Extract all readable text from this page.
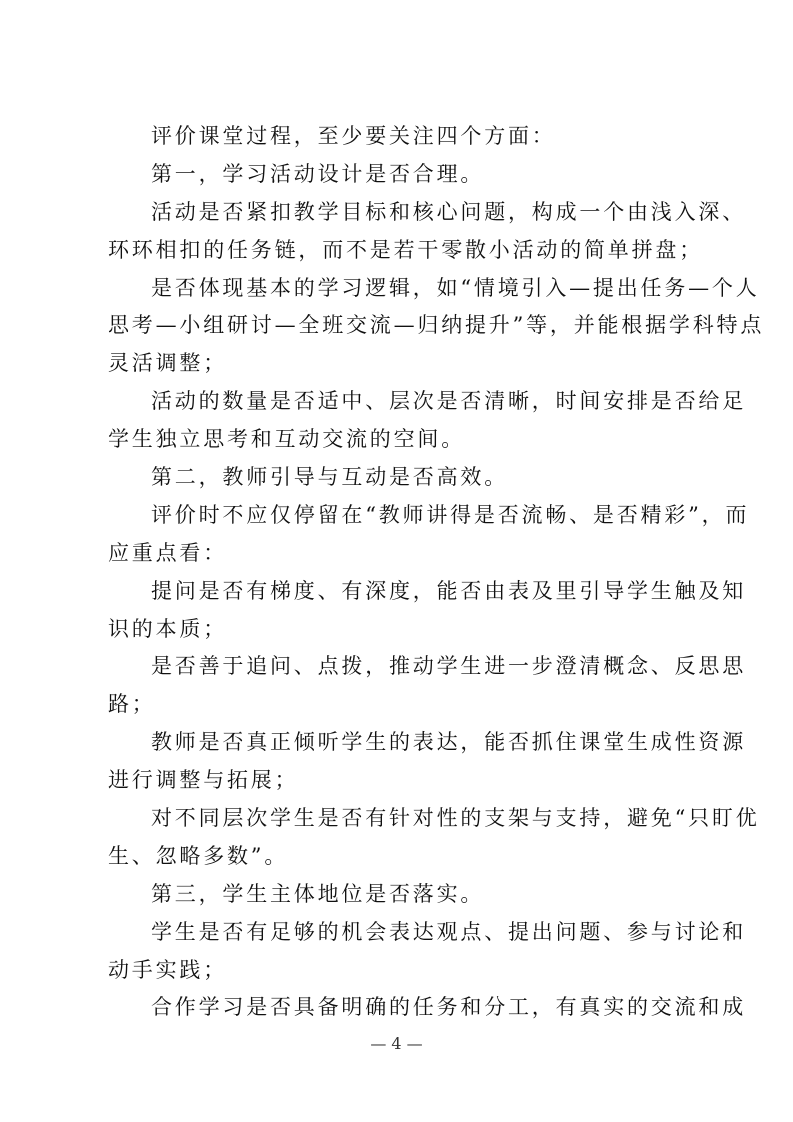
评价课堂过程，至少要关注四个方面：
第一，学习活动设计是否合理。
活动是否紧扣教学目标和核心问题，构成一个由浅入深、
环环相扣的任务链，而不是若干零散小活动的简单拼盘；
是否体现基本的学习逻辑，如“情境引入—提出任务—个人
思考—小组研讨—全班交流—归纳提升”等，并能根据学科特点
灵活调整；
活动的数量是否适中、层次是否清晰，时间安排是否给足
学生独立思考和互动交流的空间。
第二，教师引导与互动是否高效。
评价时不应仅停留在“教师讲得是否流畅、是否精彩”，而
应重点看：
提问是否有梯度、有深度，能否由表及里引导学生触及知
识的本质；
是否善于追问、点拨，推动学生进一步澄清概念、反思思
路；
教师是否真正倾听学生的表达，能否抓住课堂生成性资源
进行调整与拓展；
对不同层次学生是否有针对性的支架与支持，避免“只盯优
生、忽略多数”。
第三，学生主体地位是否落实。
学生是否有足够的机会表达观点、提出问题、参与讨论和
动手实践；
合作学习是否具备明确的任务和分工，有真实的交流和成
— 4 —
